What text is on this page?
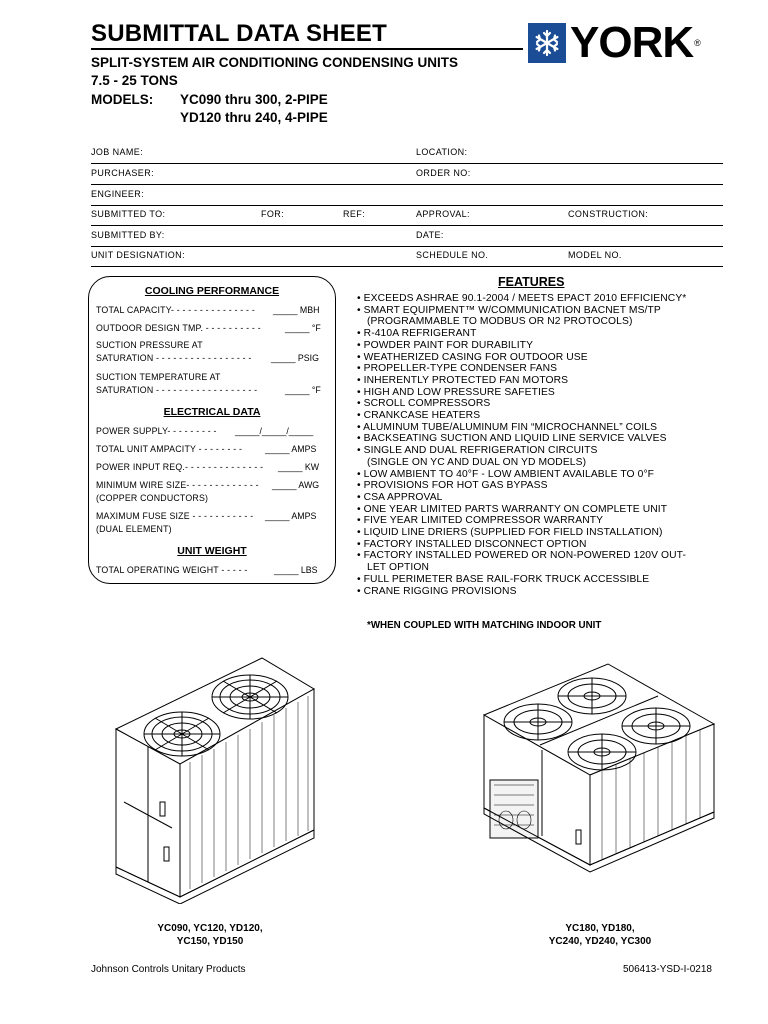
SUBMITTAL DATA SHEET
SPLIT-SYSTEM AIR CONDITIONING CONDENSING UNITS
7.5 - 25 TONS
MODELS: YC090 thru 300, 2-PIPE
YD120 thru 240, 4-PIPE
YORK ®
JOB NAME:	LOCATION:
PURCHASER:	ORDER NO:
ENGINEER:
SUBMITTED TO:	FOR:	REF:	APPROVAL:	CONSTRUCTION:
SUBMITTED BY:	DATE:
UNIT DESIGNATION:	SCHEDULE NO.	MODEL NO.
COOLING PERFORMANCE
TOTAL CAPACITY- - - - - - - - - - - - - - - _____ MBH
OUTDOOR DESIGN TMP. - - - - - - - - - -	_____ °F
SUCTION PRESSURE AT
SATURATION - - - - - - - - - - - - - - - - - _____ PSIG
SUCTION TEMPERATURE AT
SATURATION - - - - - - - - - - - - - - - - - -	_____ °F
ELECTRICAL DATA
POWER SUPPLY- - - - - - - - - _____/_____/_____
TOTAL UNIT AMPACITY - - - - - - - -	_____ AMPS
POWER INPUT REQ.- - - - - - - - - - - - - - _____ KW
MINIMUM WIRE SIZE- - - - - - - - - - - - -
(COPPER CONDUCTORS)
_____ AWG
MAXIMUM FUSE SIZE - - - - - - - - - - -
(DUAL ELEMENT)
_____ AMPS
UNIT WEIGHT
TOTAL OPERATING WEIGHT - - - - -	_____ LBS
FEATURES
• EXCEEDS ASHRAE 90.1-2004 / MEETS EPACT 2010 EFFICIENCY*
• SMART EQUIPMENT™ W/COMMUNICATION BACNET MS/TP
(PROGRAMMABLE TO MODBUS OR N2 PROTOCOLS)
• R-410A REFRIGERANT
• POWDER PAINT FOR DURABILITY
• WEATHERIZED CASING FOR OUTDOOR USE
• PROPELLER-TYPE CONDENSER FANS
• INHERENTLY PROTECTED FAN MOTORS
• HIGH AND LOW PRESSURE SAFETIES
• SCROLL COMPRESSORS
• CRANKCASE HEATERS
• ALUMINUM TUBE/ALUMINUM FIN “MICROCHANNEL” COILS
• BACKSEATING SUCTION AND LIQUID LINE SERVICE VALVES
• SINGLE AND DUAL REFRIGERATION CIRCUITS
(SINGLE ON YC AND DUAL ON YD MODELS)
• LOW AMBIENT TO 40°F - LOW AMBIENT AVAILABLE TO 0°F
• PROVISIONS FOR HOT GAS BYPASS
• CSA APPROVAL
• ONE YEAR LIMITED PARTS WARRANTY ON COMPLETE UNIT
• FIVE YEAR LIMITED COMPRESSOR WARRANTY
• LIQUID LINE DRIERS (SUPPLIED FOR FIELD INSTALLATION)
• FACTORY INSTALLED DISCONNECT OPTION
• FACTORY INSTALLED POWERED OR NON-POWERED 120V OUT-
LET OPTION
• FULL PERIMETER BASE RAIL-FORK TRUCK ACCESSIBLE
• CRANE RIGGING PROVISIONS
*WHEN COUPLED WITH MATCHING INDOOR UNIT
YC090, YC120, YD120,
YC150, YD150
YC180, YD180,
YC240, YD240, YC300
Johnson Controls Unitary Products	506413-YSD-I-0218
